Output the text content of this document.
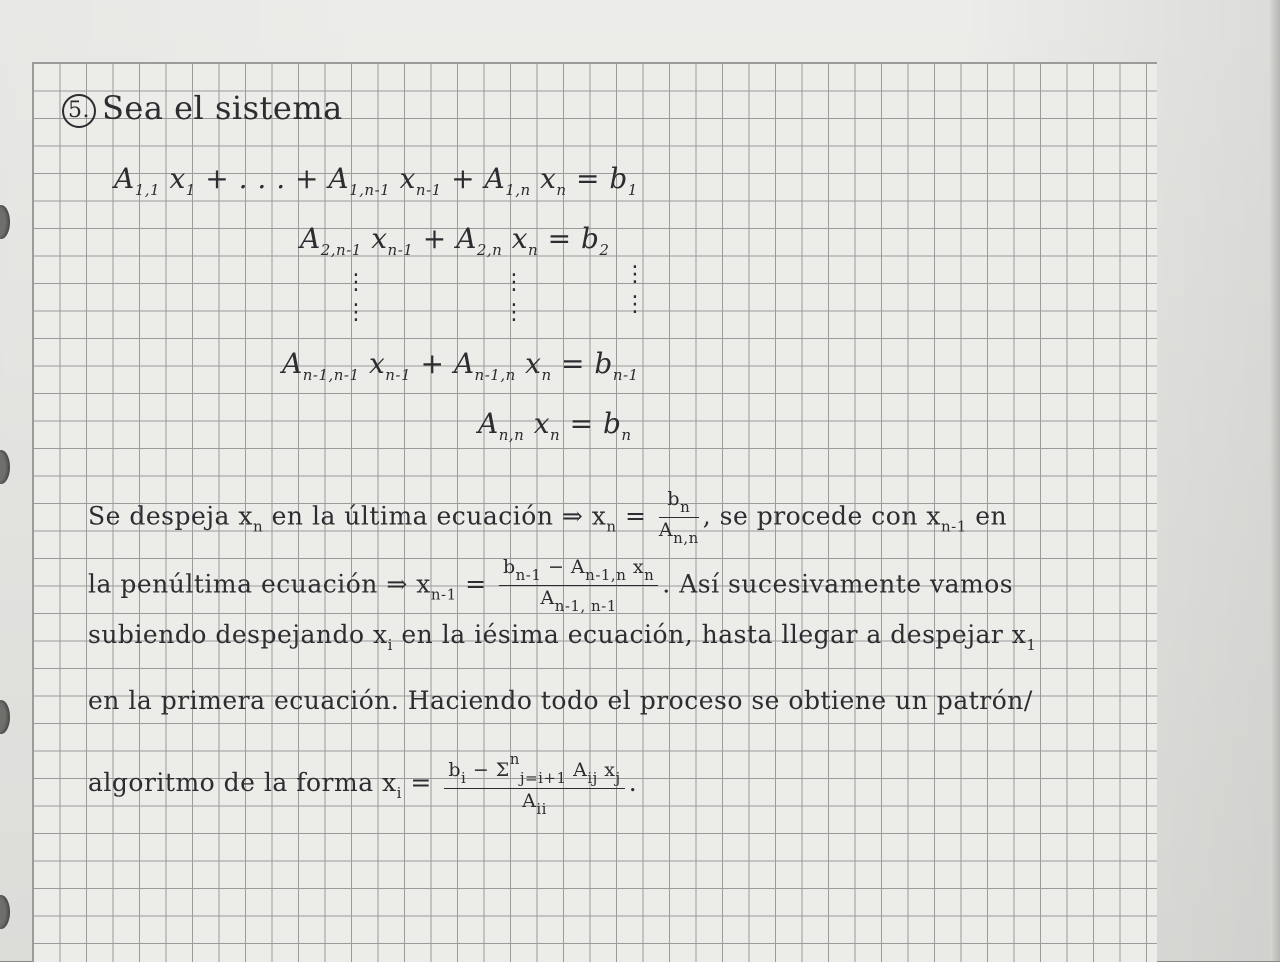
5. Sea el sistema
$A_{1,1}$ $x_1$ + . . . + $A_{1,n-1}$ $x_{n-1} + A_{1,n}$ $x_n = b_1$
$A_{2,n-1}$ $x_{n-1} + A_{2,n}$ $x_n = b_2$
⋮
⋮
⋮
⋮
⋮
⋮
$A_{n-1,n-1}$ $x_{n-1} + A_{n-1,n}$ $x_n = b_{n-1}$
$A_{n,n}$ $x_n = b_n$
Se despeja $x_n$ en la última ecuación ⇒ $x_n = \frac{b_n}{A_{n,n}}$ , se procede con $x_{n-1}$ en
la penúltima ecuación ⇒ $x_{n-1} = \frac{b_{n-1} - A_{n-1,n} x_n}{A_{n-1, n-1}}$ . Así sucesivamente vamos
subiendo despejando $x_i$ en la iésima ecuación, hasta llegar a despejar $x_1$
en la primera ecuación. Haciendo todo el proceso se obtiene un patrón/
algoritmo de la forma $x_i = \frac{b_i - \Sigma^n_{j=i+1} A_{ij} x_j}{A_{ii}}$ .
